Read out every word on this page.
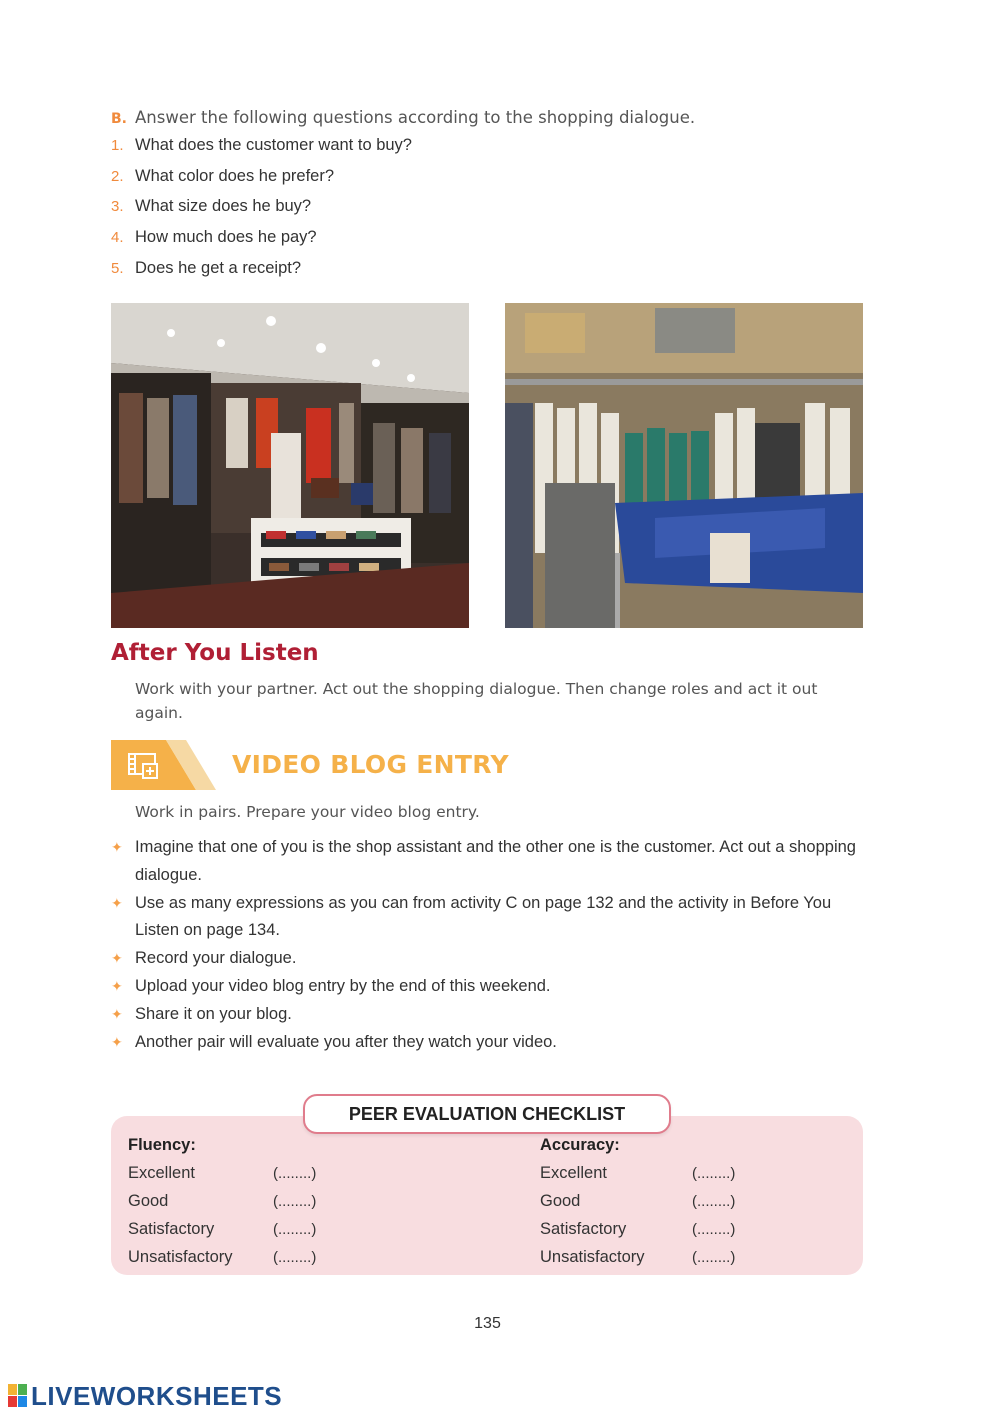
B. Answer the following questions according to the shopping dialogue.
1. What does the customer want to buy?
2. What color does he prefer?
3. What size does he buy?
4. How much does he pay?
5. Does he get a receipt?
After You Listen
Work with your partner. Act out the shopping dialogue. Then change roles and act it out again.
VIDEO BLOG ENTRY
Work in pairs. Prepare your video blog entry.
✦ Imagine that one of you is the shop assistant and the other one is the customer. Act out a shopping dialogue.
✦ Use as many expressions as you can from activity C on page 132 and the activity in Before You Listen on page 134.
✦ Record your dialogue.
✦ Upload your video blog entry by the end of this weekend.
✦ Share it on your blog.
✦ Another pair will evaluate you after they watch your video.
PEER EVALUATION CHECKLIST
Fluency:
Excellent
Good
Satisfactory
Unsatisfactory
(........)
(........)
(........)
(........)
Accuracy:
Excellent
Good
Satisfactory
Unsatisfactory
(........)
(........)
(........)
(........)
135
LIVEWORKSHEETS
